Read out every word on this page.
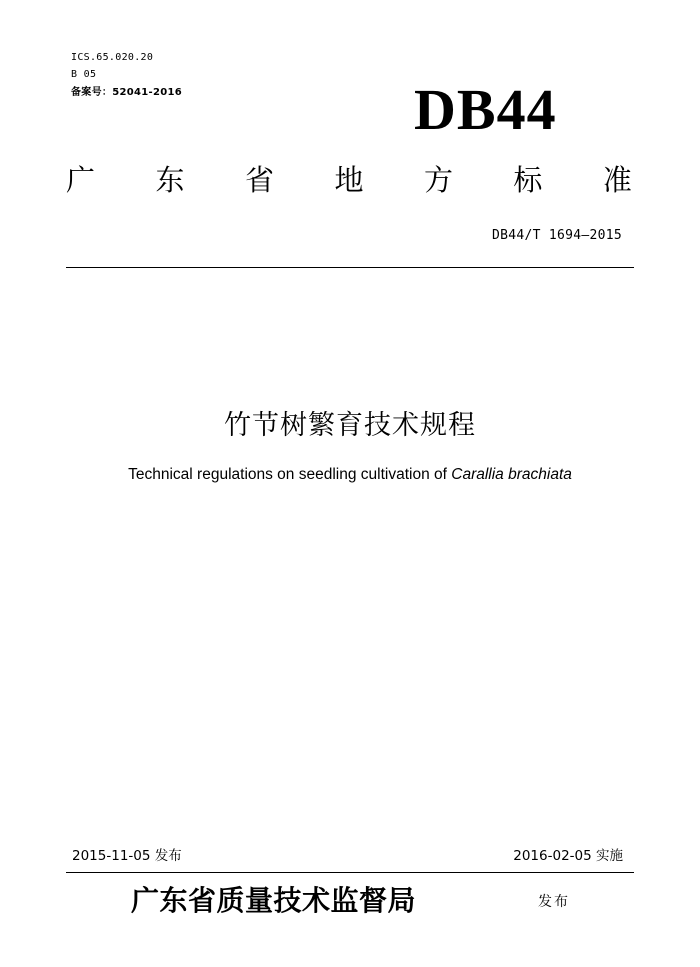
ICS.65.020.20
B 05
备案号：52041-2016	DB44
广 东 省 地 方 标 准
DB44/T 1694—2015
竹节树繁育技术规程
Technical regulations on seedling cultivation of Carallia brachiata
2015-11-05 发布	2016-02-05 实施
广东省质量技术监督局	发布
